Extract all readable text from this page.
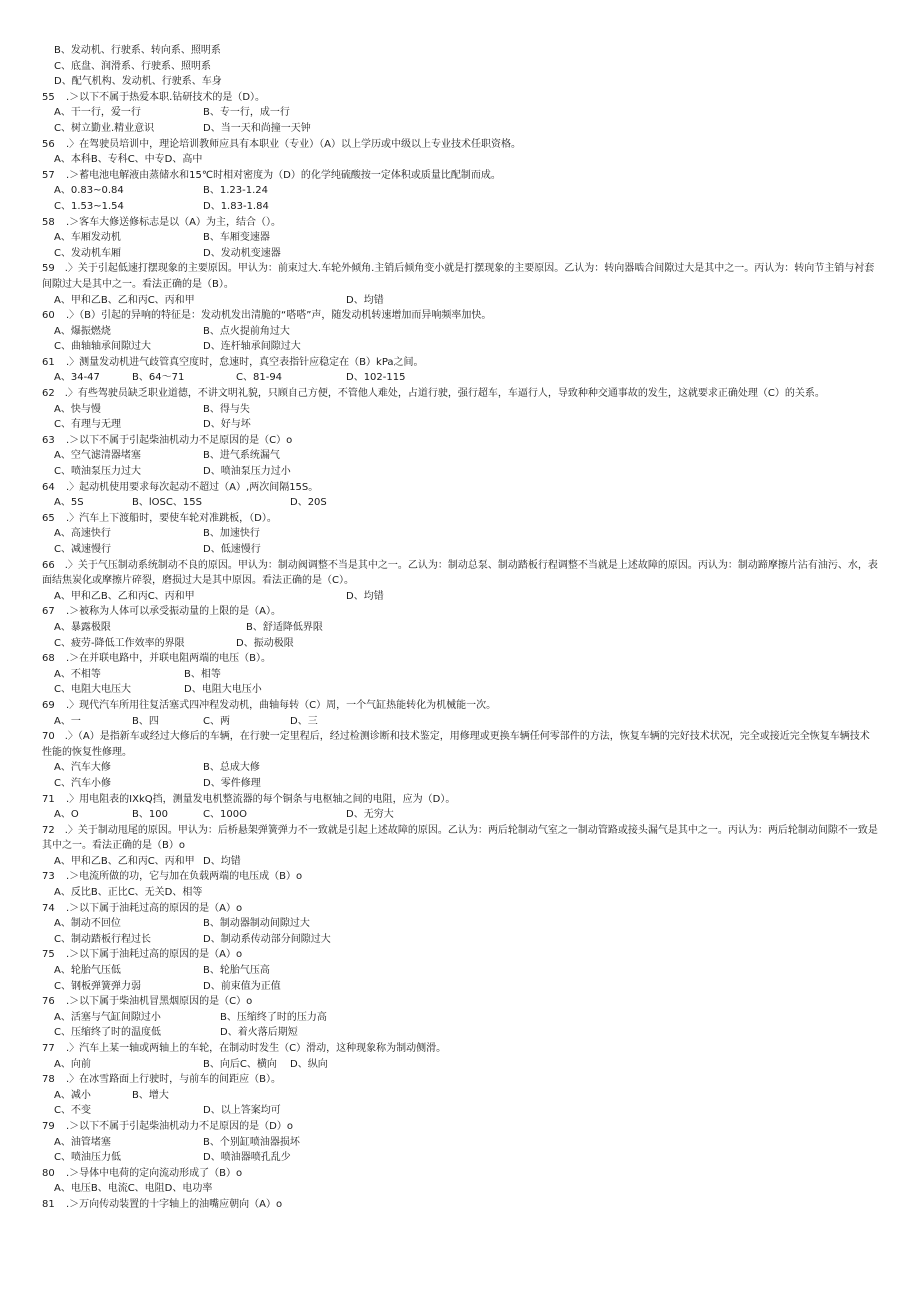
B、发动机、行驶系、转向系、照明系
C、底盘、润滑系、行驶系、照明系
D、配气机构、发动机、行驶系、车身
55 .＞以下不属于热爱本职.钻研技术的是（D）。
A、干一行，爱一行	B、专一行，成一行
C、树立勤业.精业意识	D、当一天和尚撞一天钟
56 .〉在驾驶员培训中，理论培训教师应具有本职业（专业）（A）以上学历或中级以上专业技术任职资格。
A、本科B、专科C、中专D、高中
57 .＞蓄电池电解液由蒸储水和15℃时相对密度为（D）的化学纯硫酸按一定体积或质量比配制而成。
A、0.83~0.84	B、1.23-1.24
C、1.53~1.54	D、1.83-1.84
58 .＞客车大修送修标志是以（A）为主，结合（）。
A、车厢发动机	B、车厢变速器
C、发动机车厢	D、发动机变速器
59 .〉关于引起低速打摆现象的主要原因。甲认为：前束过大.车轮外倾角.主销后倾角变小就是打摆现象的主要原因。乙认为：转向器啮合间隙过大是其中之一。丙认为：转向节主销与衬套间隙过大是其中之一。看法正确的是（B）。
A、甲和乙B、乙和丙C、丙和甲	D、均错
60 .〉（B）引起的异响的特征是：发动机发出清脆的“嗒嗒”声，随发动机转速增加而异响频率加快。
A、爆振燃烧	B、点火提前角过大
C、曲轴轴承间隙过大	D、连杆轴承间隙过大
61 .〉测量发动机进气歧管真空度时，怠速时，真空表指针应稳定在（B）kPa之间。
A、34-47	B、64～71	C、81-94	D、102-115
62 .〉有些驾驶员缺乏职业道德，不讲文明礼貌，只顾自己方便，不管他人难处，占道行驶，强行超车，车逼行人，导致种种交通事故的发生，这就要求正确处理（C）的关系。
A、快与慢	B、得与失
C、有理与无理	D、好与坏
63 .＞以下不属于引起柴油机动力不足原因的是（C）o
A、空气滤清器堵塞	B、进气系统漏气
C、喷油泵压力过大	D、喷油泵压力过小
64 .〉起动机使用要求每次起动不超过（A）,两次间隔15S。
A、5S	B、lOSC、15S	D、20S
65 .〉汽车上下渡船时，要使车轮对准跳板，（D）。
A、高速快行	B、加速快行
C、减速慢行	D、低速慢行
66 .〉关于气压制动系统制动不良的原因。甲认为：制动阀调整不当是其中之一。乙认为：制动总泵、制动踏板行程调整不当就是上述故障的原因。丙认为：制动蹄摩擦片沾有油污、水，表面结焦炭化或摩擦片碎裂，磨损过大是其中原因。看法正确的是（C）。
A、甲和乙B、乙和丙C、丙和甲	D、均错
67 .＞被称为人体可以承受振动量的上限的是（A）。
A、暴露极限	B、舒适降低界限
C、疲劳-降低工作效率的界限	D、振动极限
68 .＞在并联电路中，并联电阻两端的电压（B）。
A、不相等	B、相等
C、电阻大电压大	D、电阻大电压小
69 .〉现代汽车所用往复活塞式四冲程发动机，曲轴每转（C）周，一个气缸热能转化为机械能一次。
A、一	B、四	C、两	D、三
70 .〉（A）是指新车或经过大修后的车辆，在行驶一定里程后，经过检测诊断和技术鉴定，用修理或更换车辆任何零部件的方法，恢复车辆的完好技术状况，完全或接近完全恢复车辆技术性能的恢复性修理。
A、汽车大修	B、总成大修
C、汽车小修	D、零件修理
71 .〉用电阻表的IXkQ挡，测量发电机整流器的每个铜条与电枢轴之间的电阻，应为（D）。
A、O	B、100	C、100O	D、无穷大
72 .〉关于制动甩尾的原因。甲认为：后桥悬架弹簧弹力不一致就是引起上述故障的原因。乙认为：两后轮制动气室之一制动管路或接头漏气是其中之一。丙认为：两后轮制动间隙不一致是其中之一。看法正确的是（B）o
A、甲和乙B、乙和丙C、丙和甲 D、均错
73 .＞电流所做的功，它与加在负载两端的电压成（B）o
A、反比B、正比C、无关D、相等
74 .＞以下属于油耗过高的原因的是（A）o
A、制动不回位	B、制动器制动间隙过大
C、制动踏板行程过长	D、制动系传动部分间隙过大
75 .＞以下属于油耗过高的原因的是（A）o
A、轮胎气压低	B、轮胎气压高
C、钢板弹簧弹力弱	D、前束值为正值
76 .＞以下属于柴油机冒黑烟原因的是（C）o
A、活塞与气缸间隙过小	B、压缩终了时的压力高
C、压缩终了时的温度低	D、着火落后期短
77 .〉汽车上某一轴或两轴上的车轮，在制动时发生（C）滑动，这种现象称为制动侧滑。
A、向前	B、向后C、横向 D、纵向
78 .〉在冰雪路面上行驶时，与前车的间距应（B）。
A、减小	B、增大
C、不变	D、以上答案均可
79 .＞以下不属于引起柴油机动力不足原因的是（D）o
A、油管堵塞	B、个别缸喷油器损坏
C、喷油压力低	D、喷油器喷孔乱少
80 .＞导体中电荷的定向流动形成了（B）o
A、电压B、电流C、电阻D、电功率
81 .＞万向传动装置的十字轴上的油嘴应朝向（A）o
